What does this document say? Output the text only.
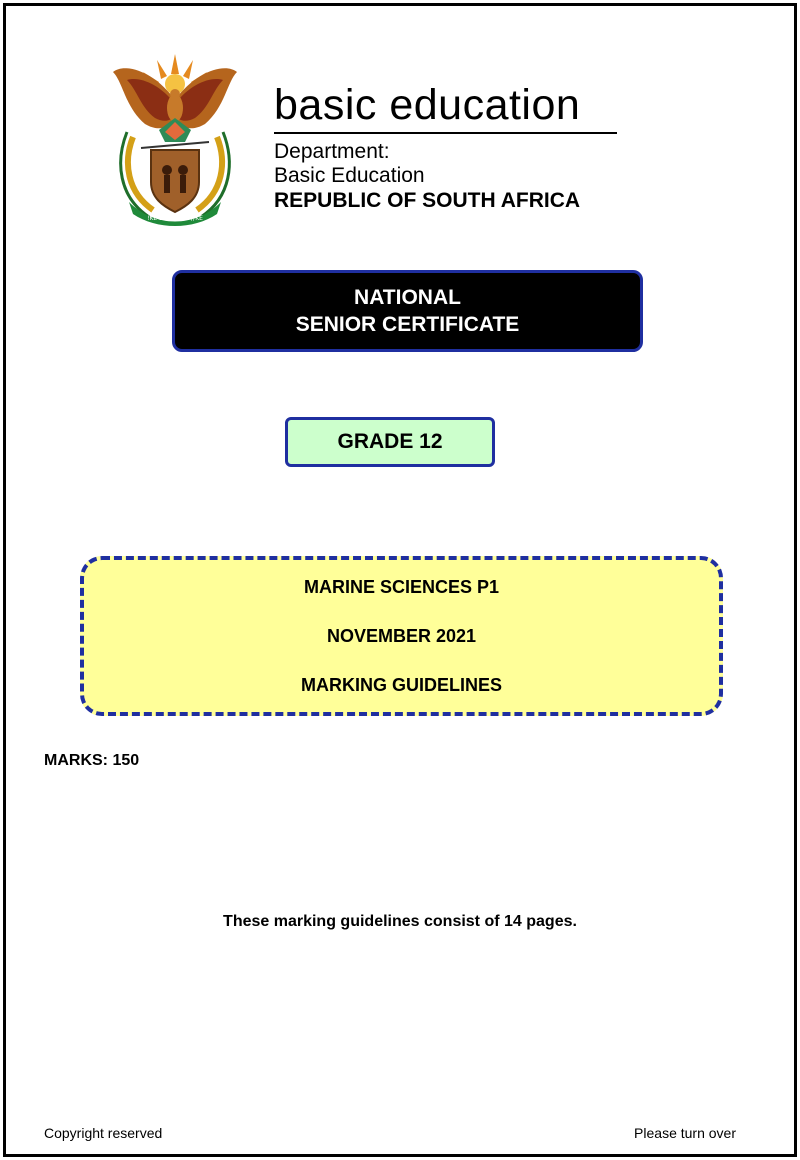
!KE E: /XARRA //KE
basic education
Department:
Basic Education
REPUBLIC OF SOUTH AFRICA
NATIONAL
SENIOR CERTIFICATE
GRADE 12
MARINE SCIENCES P1
NOVEMBER 2021
MARKING GUIDELINES
MARKS: 150
These marking guidelines consist of 14 pages.
Copyright reserved	Please turn over
